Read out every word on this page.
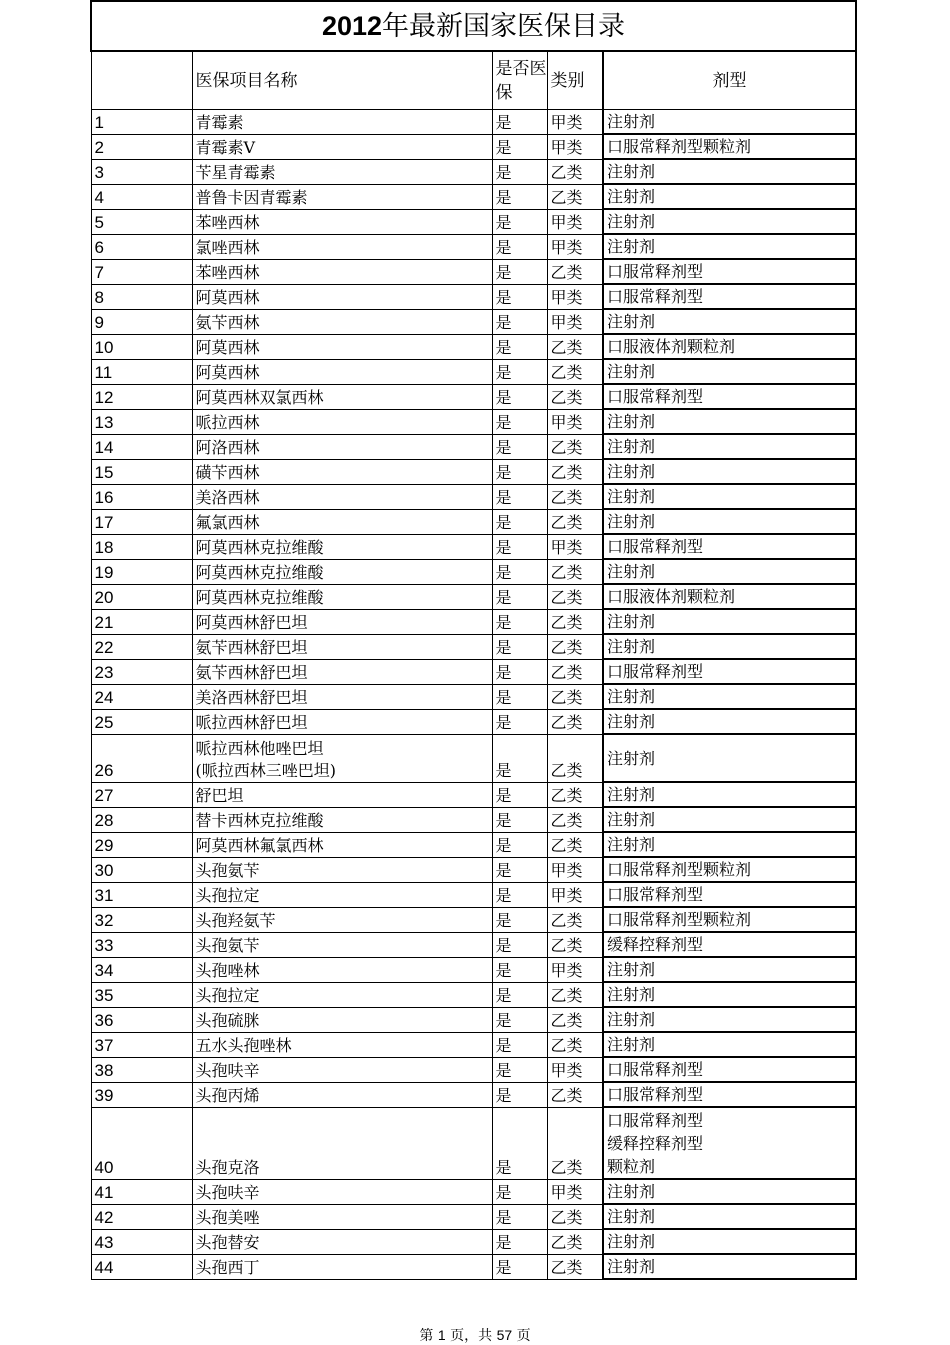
2012年最新国家医保目录				
	医保项目名称	是否医保	类别	剂型
1	青霉素	是	甲类	注射剂
2	青霉素V	是	甲类	口服常释剂型颗粒剂
3	苄星青霉素	是	乙类	注射剂
4	普鲁卡因青霉素	是	乙类	注射剂
5	苯唑西林	是	甲类	注射剂
6	氯唑西林	是	甲类	注射剂
7	苯唑西林	是	乙类	口服常释剂型
8	阿莫西林	是	甲类	口服常释剂型
9	氨苄西林	是	甲类	注射剂
10	阿莫西林	是	乙类	口服液体剂颗粒剂
11	阿莫西林	是	乙类	注射剂
12	阿莫西林双氯西林	是	乙类	口服常释剂型
13	哌拉西林	是	甲类	注射剂
14	阿洛西林	是	乙类	注射剂
15	磺苄西林	是	乙类	注射剂
16	美洛西林	是	乙类	注射剂
17	氟氯西林	是	乙类	注射剂
18	阿莫西林克拉维酸	是	甲类	口服常释剂型
19	阿莫西林克拉维酸	是	乙类	注射剂
20	阿莫西林克拉维酸	是	乙类	口服液体剂颗粒剂
21	阿莫西林舒巴坦	是	乙类	注射剂
22	氨苄西林舒巴坦	是	乙类	注射剂
23	氨苄西林舒巴坦	是	乙类	口服常释剂型
24	美洛西林舒巴坦	是	乙类	注射剂
25	哌拉西林舒巴坦	是	乙类	注射剂
26	哌拉西林他唑巴坦
(哌拉西林三唑巴坦)	是	乙类	注射剂
27	舒巴坦	是	乙类	注射剂
28	替卡西林克拉维酸	是	乙类	注射剂
29	阿莫西林氟氯西林	是	乙类	注射剂
30	头孢氨苄	是	甲类	口服常释剂型颗粒剂
31	头孢拉定	是	甲类	口服常释剂型
32	头孢羟氨苄	是	乙类	口服常释剂型颗粒剂
33	头孢氨苄	是	乙类	缓释控释剂型
34	头孢唑林	是	甲类	注射剂
35	头孢拉定	是	乙类	注射剂
36	头孢硫脒	是	乙类	注射剂
37	五水头孢唑林	是	乙类	注射剂
38	头孢呋辛	是	甲类	口服常释剂型
39	头孢丙烯	是	乙类	口服常释剂型
40	头孢克洛	是	乙类	口服常释剂型
缓释控释剂型
颗粒剂

41	头孢呋辛	是	甲类	注射剂
42	头孢美唑	是	乙类	注射剂
43	头孢替安	是	乙类	注射剂
44	头孢西丁	是	乙类	注射剂
第 1 页，共 57 页
